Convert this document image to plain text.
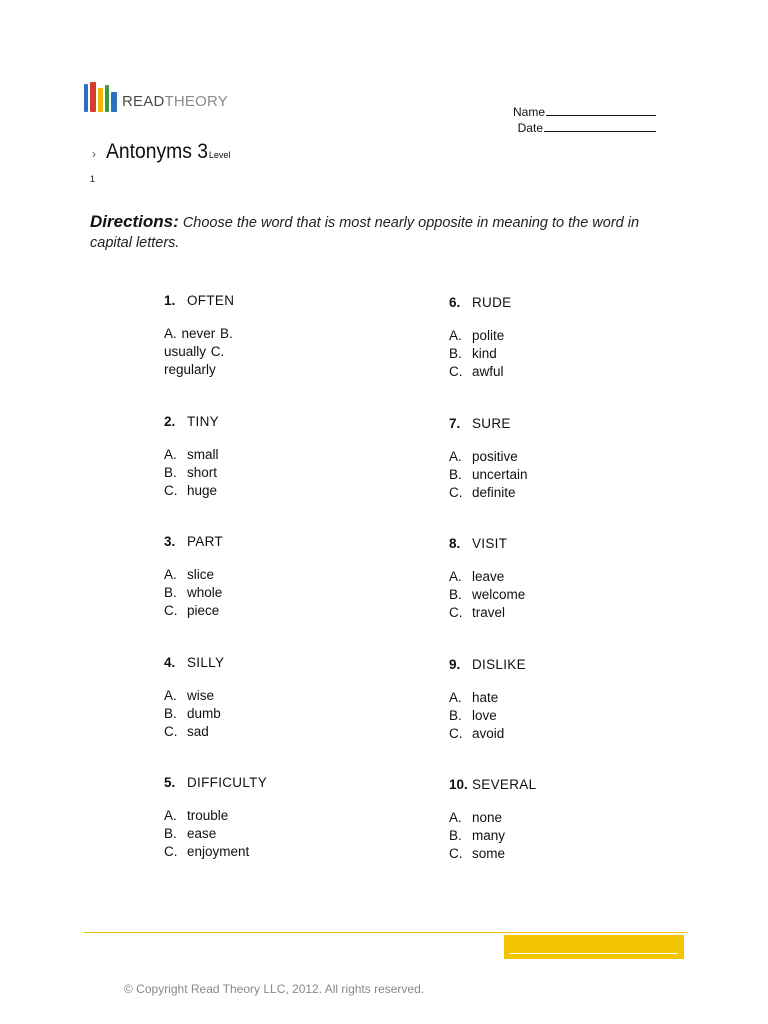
READTHEORY
Name
Date
› Antonyms 3 Level
1
Directions: Choose the word that is most nearly opposite in meaning to the word in capital letters.
1. OFTEN
A. never B. usually C. regularly
2. TINY
A. small
B. short
C. huge
3. PART
A. slice
B. whole
C. piece
4. SILLY
A. wise
B. dumb
C. sad
5. DIFFICULTY
A. trouble
B. ease
C. enjoyment
6. RUDE
A. polite
B. kind
C. awful
7. SURE
A. positive
B. uncertain
C. definite
8. VISIT
A. leave
B. welcome
C. travel
9. DISLIKE
A. hate
B. love
C. avoid
10. SEVERAL
A. none
B. many
C. some
© Copyright Read Theory LLC, 2012. All rights reserved.
